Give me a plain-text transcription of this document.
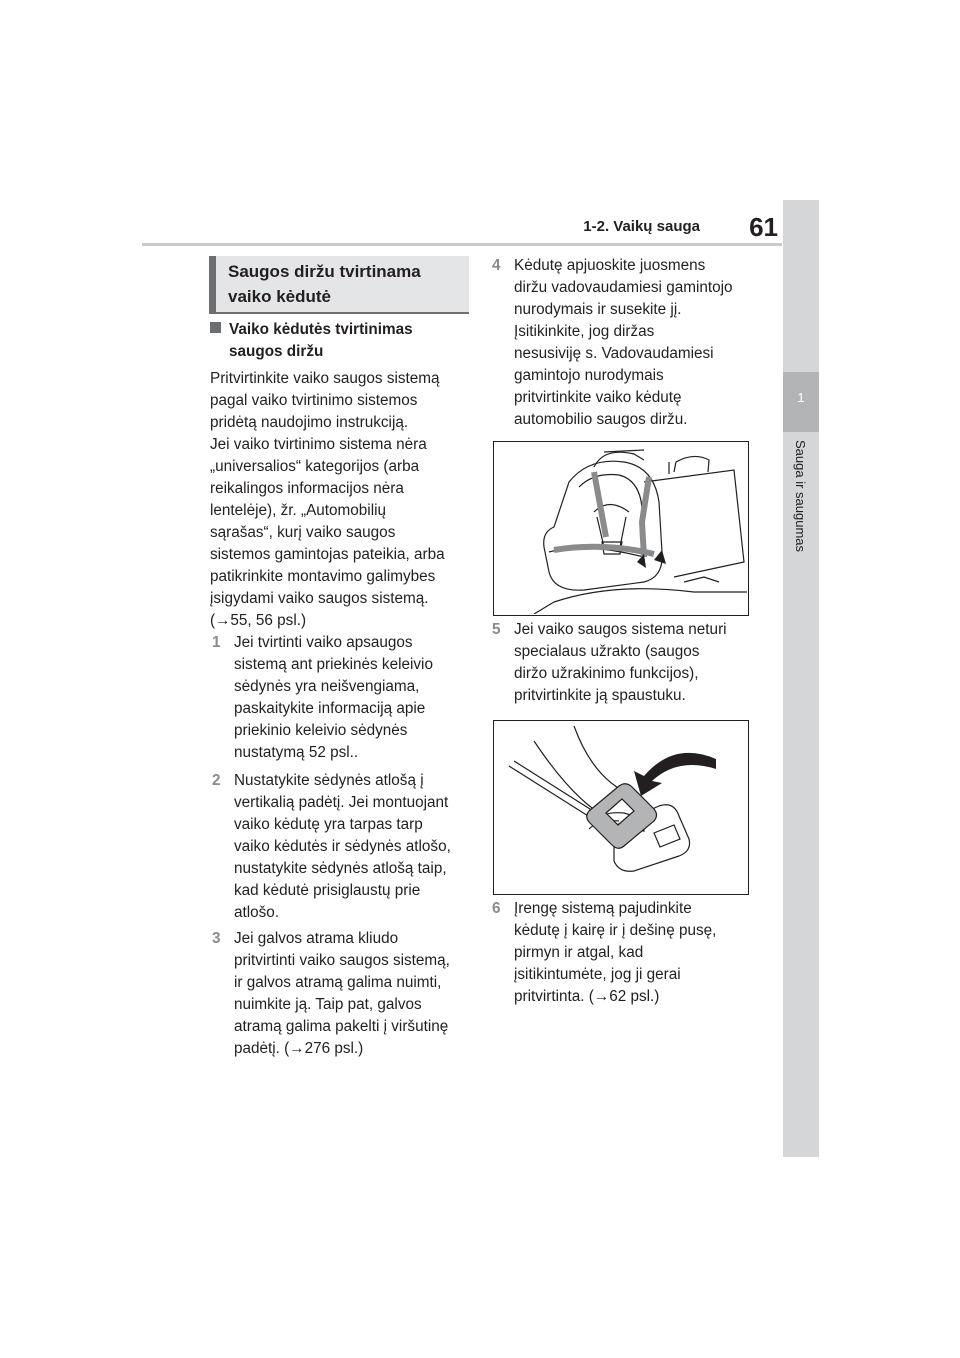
1-2. Vaikų sauga	61
1
Sauga ir saugumas
Saugos diržu tvirtinama
vaiko kėdutė
Vaiko kėdutės tvirtinimas
saugos diržu
Pritvirtinkite vaiko saugos sistemą
pagal vaiko tvirtinimo sistemos
pridėtą naudojimo instrukciją.
Jei vaiko tvirtinimo sistema nėra
„universalios“ kategorijos (arba
reikalingos informacijos nėra
lentelėje), žr. „Automobilių
sąrašas“, kurį vaiko saugos
sistemos gamintojas pateikia, arba
patikrinkite montavimo galimybes
įsigydami vaiko saugos sistemą.
(→55, 56 psl.)
1 Jei tvirtinti vaiko apsaugos
sistemą ant priekinės keleivio
sėdynės yra neišvengiama,
paskaitykite informaciją apie
priekinio keleivio sėdynės
nustatymą 52 psl..
2 Nustatykite sėdynės atlošą į
vertikalią padėtį. Jei montuojant
vaiko kėdutę yra tarpas tarp
vaiko kėdutės ir sėdynės atlošo,
nustatykite sėdynės atlošą taip,
kad kėdutė prisiglaustų prie
atlošo.
3 Jei galvos atrama kliudo
pritvirtinti vaiko saugos sistemą,
ir galvos atramą galima nuimti,
nuimkite ją. Taip pat, galvos
atramą galima pakelti į viršutinę
padėtį. (→276 psl.)
4 Kėdutę apjuoskite juosmens
diržu vadovaudamiesi gamintojo
nurodymais ir susekite jį.
Įsitikinkite, jog diržas
nesusiviję s. Vadovaudamiesi
gamintojo nurodymais
pritvirtinkite vaiko kėdutę
automobilio saugos diržu.
5 Jei vaiko saugos sistema neturi
specialaus užrakto (saugos
diržo užrakinimo funkcijos),
pritvirtinkite ją spaustuku.
6 Įrengę sistemą pajudinkite
kėdutę į kairę ir į dešinę pusę,
pirmyn ir atgal, kad
įsitikintumėte, jog ji gerai
pritvirtinta. (→62 psl.)
